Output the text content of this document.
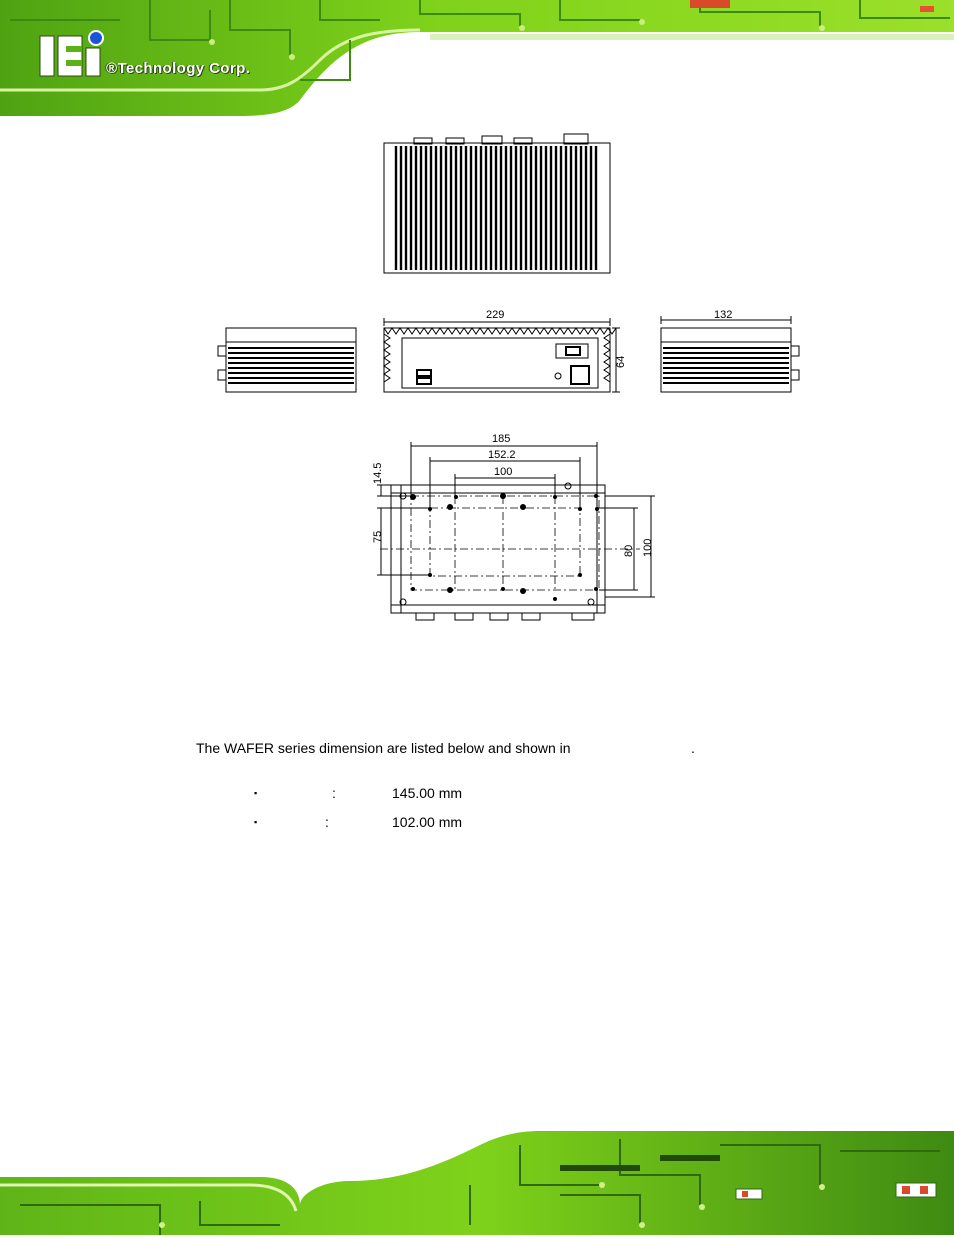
®Technology Corp.
229
64
132
185
152.2
100
14.5
75
80 100
The WAFER series dimension are listed below and shown in	.
▪	:	145.00 mm
▪	:	102.00 mm
